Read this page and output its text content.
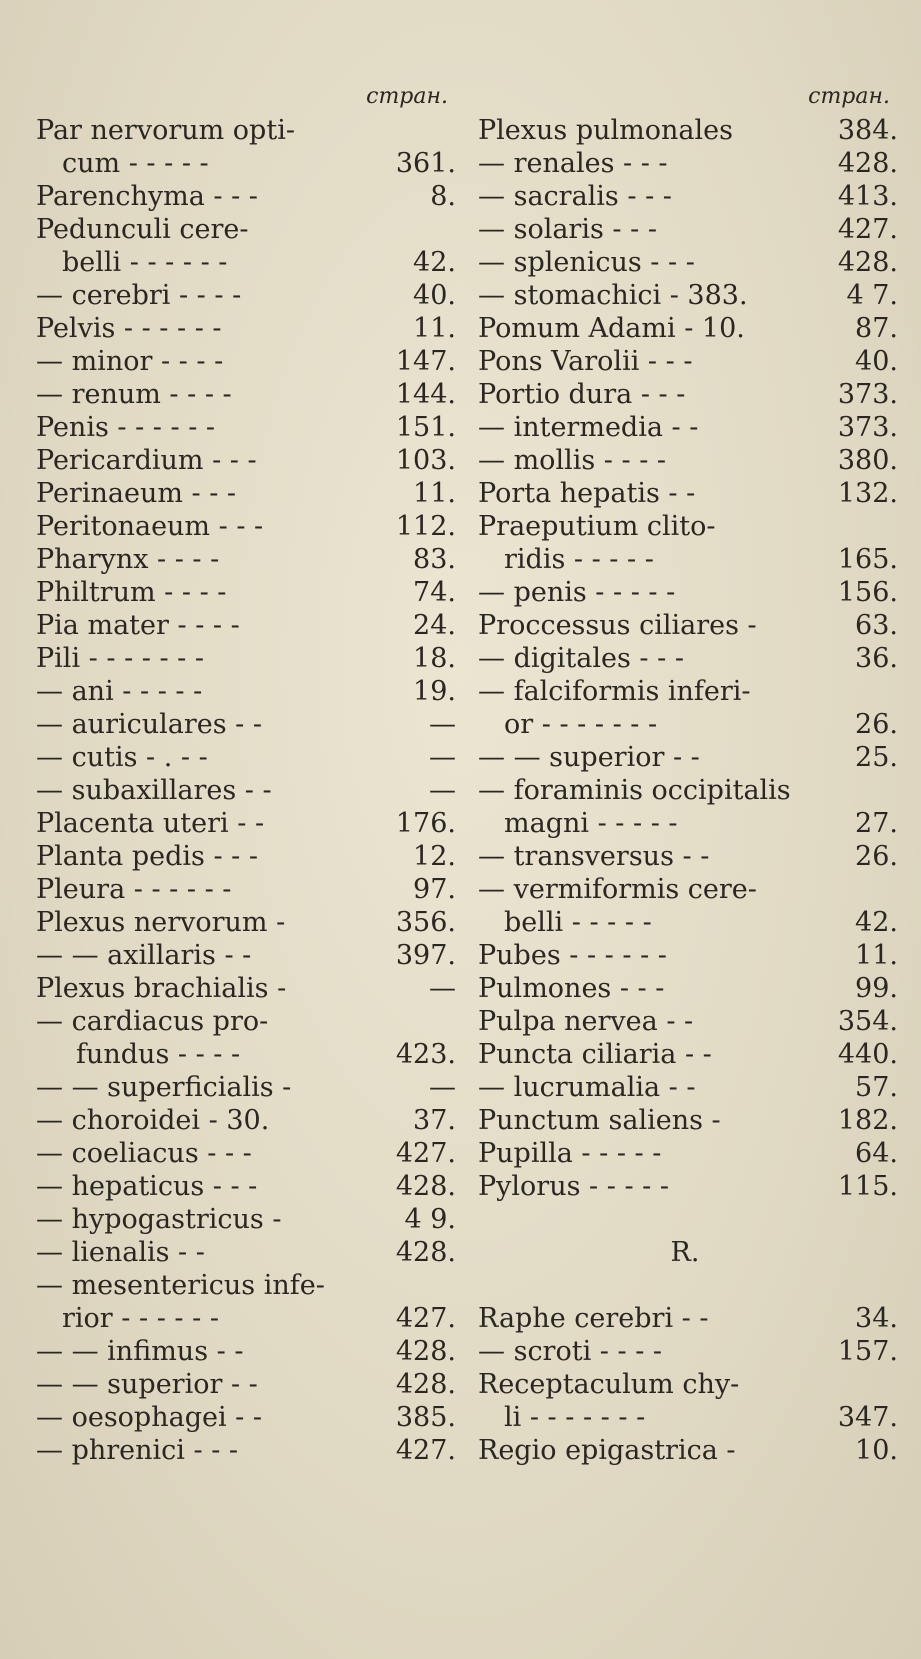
стран.
Par nervorum opti-
cum - - - - -	361.
Parenchyma - - -	8.
Pedunculi cere-
belli - - - - - -	42.
— cerebri - - - -	40.
Pelvis - - - - - -	11.
— minor - - - -	147.
— renum - - - -	144.
Penis - - - - - -	151.
Pericardium - - -	103.
Perinaeum - - -	11.
Peritonaeum - - -	112.
Pharynx - - - -	83.
Philtrum - - - -	74.
Pia mater - - - -	24.
Pili - - - - - - -	18.
— ani - - - - -	19.
— auriculares - -	—
— cutis - . - -	—
— subaxillares - -	—
Placenta uteri - -	176.
Planta pedis - - -	12.
Pleura - - - - - -	97.
Plexus nervorum -	356.
— — axillaris - -	397.
Plexus brachialis -	—
— cardiacus pro-
fundus - - - -	423.
— — superficialis -	—
— choroidei - 30.	37.
— coeliacus - - -	427.
— hepaticus - - -	428.
— hypogastricus -	4 9.
— lienalis - -	428.
— mesentericus infe-
rior - - - - - -	427.
— — infimus - -	428.
— — superior - -	428.
— oesophagei - -	385.
— phrenici - - -	427.
стран.
Plexus pulmonales	384.
— renales - - -	428.
— sacralis - - -	413.
— solaris - - -	427.
— splenicus - - -	428.
— stomachici - 383.	4 7.
Pomum Adami - 10.	87.
Pons Varolii - - -	40.
Portio dura - - -	373.
— intermedia - -	373.
— mollis - - - -	380.
Porta hepatis - -	132.
Praeputium clito-
ridis - - - - -	165.
— penis - - - - -	156.
Proccessus ciliares -	63.
— digitales - - -	36.
— falciformis inferi-
or - - - - - - -	26.
— — superior - -	25.
— foraminis occipitalis
magni - - - - -	27.
— transversus - -	26.
— vermiformis cere-
belli - - - - -	42.
Pubes - - - - - -	11.
Pulmones - - -	99.
Pulpa nervea - -	354.
Puncta ciliaria - -	440.
— lucrumalia - -	57.
Punctum saliens -	182.
Pupilla - - - - -	64.
Pylorus - - - - -	115.
R.
Raphe cerebri - -	34.
— scroti - - - -	157.
Receptaculum chy-
li - - - - - - -	347.
Regio epigastrica -	10.
